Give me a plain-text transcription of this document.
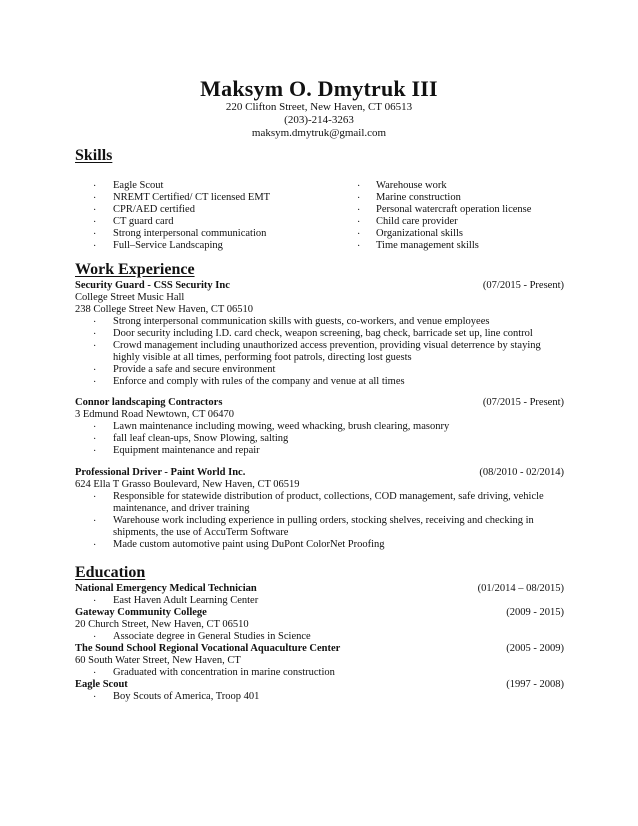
Maksym O. Dmytruk III
220 Clifton Street, New Haven, CT 06513
(203)-214-3263
maksym.dmytruk@gmail.com
Skills
· Eagle Scout
· NREMT Certified/ CT licensed EMT
· CPR/AED certified
· CT guard card
· Strong interpersonal communication
· Full–Service Landscaping
· Warehouse work
· Marine construction
· Personal watercraft operation license
· Child care provider
· Organizational skills
· Time management skills
Work Experience
Security Guard - CSS Security Inc	(07/2015 - Present)
College Street Music Hall
238 College Street New Haven, CT 06510
· Strong interpersonal communication skills with guests, co-workers, and venue employees
· Door security including I.D. card check, weapon screening, bag check, barricade set up, line control
· Crowd management including unauthorized access prevention, providing visual deterrence by staying
highly visible at all times, performing foot patrols, directing lost guests
· Provide a safe and secure environment
· Enforce and comply with rules of the company and venue at all times
Connor landscaping Contractors	(07/2015 - Present)
3 Edmund Road Newtown, CT 06470
· Lawn maintenance including mowing, weed whacking, brush clearing, masonry
· fall leaf clean-ups, Snow Plowing, salting
· Equipment maintenance and repair
Professional Driver - Paint World Inc.	(08/2010 - 02/2014)
624 Ella T Grasso Boulevard, New Haven, CT 06519
· Responsible for statewide distribution of product, collections, COD management, safe driving, vehicle
maintenance, and driver training
· Warehouse work including experience in pulling orders, stocking shelves, receiving and checking in
shipments, the use of AccuTerm Software
· Made custom automotive paint using DuPont ColorNet Proofing
Education
National Emergency Medical Technician	(01/2014 – 08/2015)
· East Haven Adult Learning Center
Gateway Community College	(2009 - 2015)
20 Church Street, New Haven, CT 06510
· Associate degree in General Studies in Science
The Sound School Regional Vocational Aquaculture Center	(2005 - 2009)
60 South Water Street, New Haven, CT
· Graduated with concentration in marine construction
Eagle Scout	(1997 - 2008)
· Boy Scouts of America, Troop 401
